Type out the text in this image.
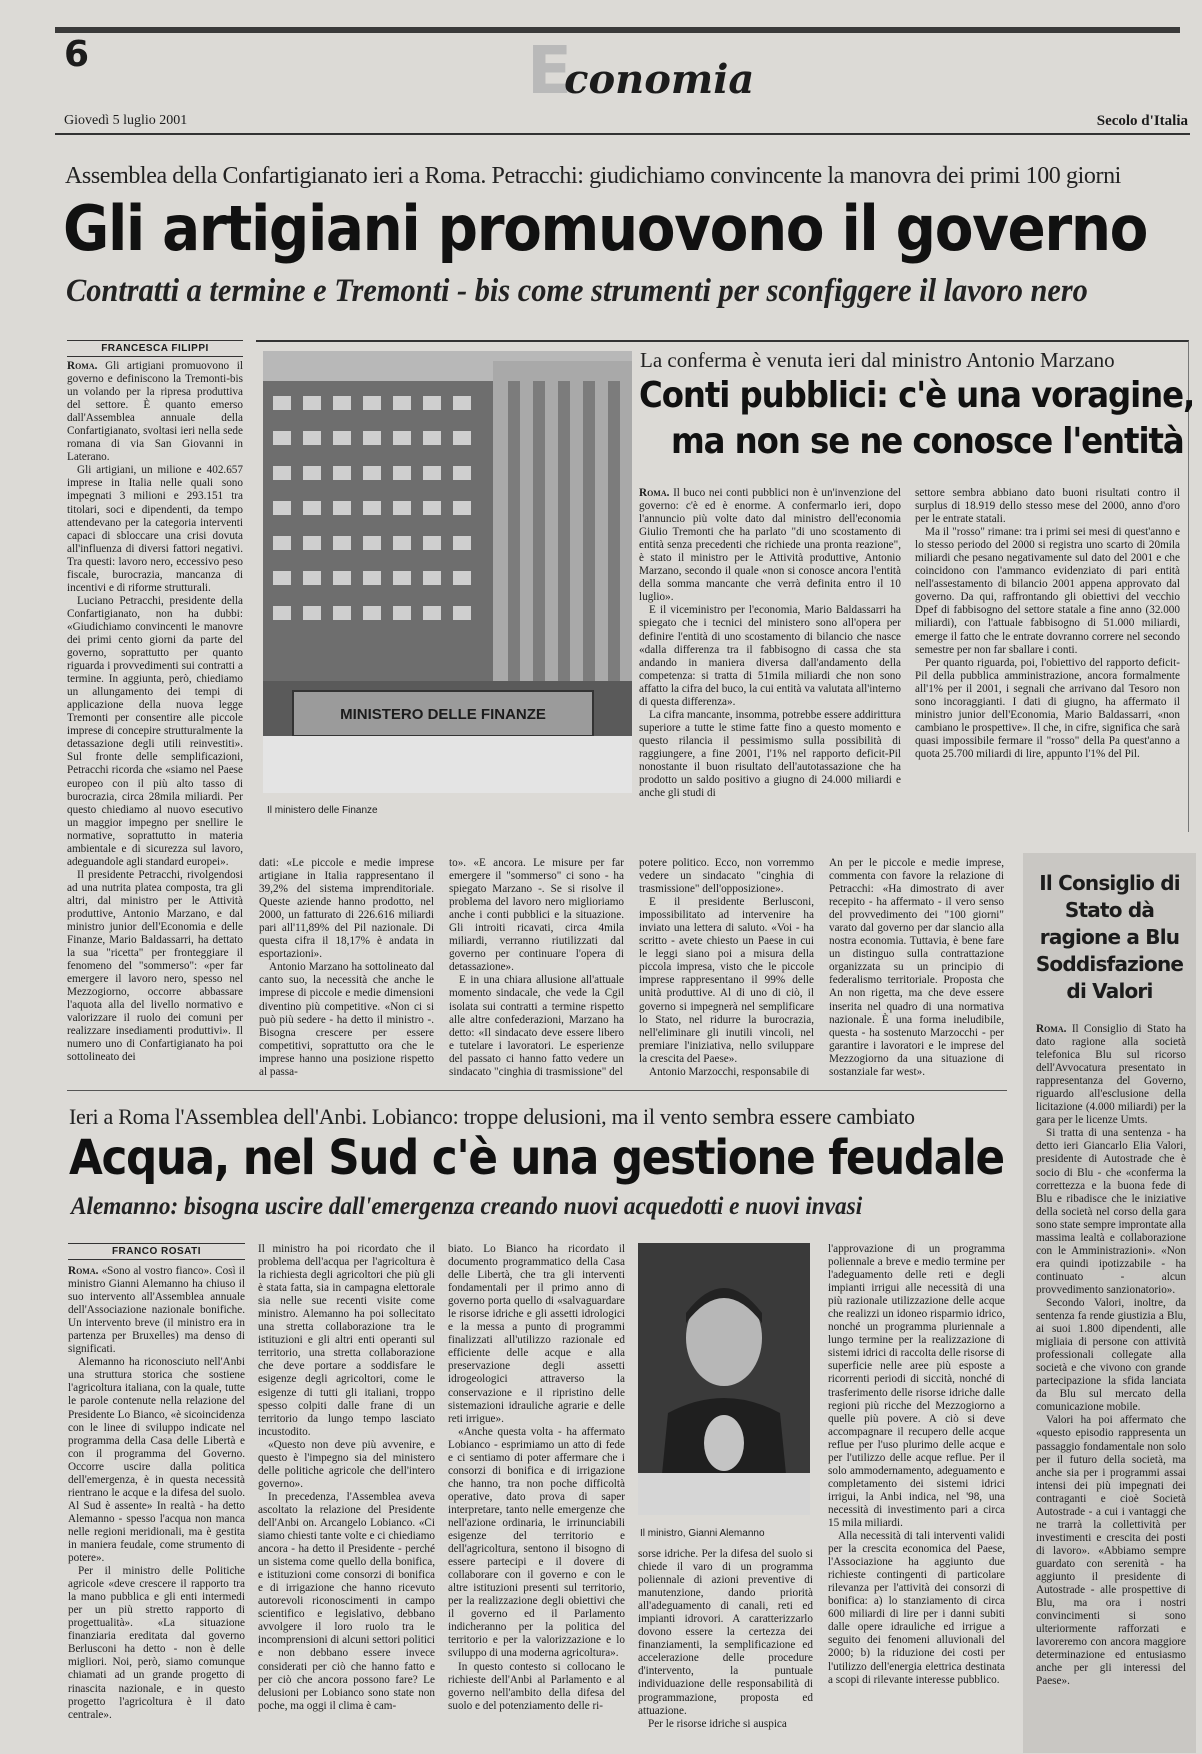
6	Economia
Giovedì 5 luglio 2001	Secolo d'Italia
Assemblea della Confartigianato ieri a Roma. Petracchi: giudichiamo convincente la manovra dei primi 100 giorni
Gli artigiani promuovono il governo
Contratti a termine e Tremonti - bis come strumenti per sconfiggere il lavoro nero
FRANCESCA FILIPPI

Roma. Gli artigiani promuovono il governo e definiscono la Tremonti-bis un volando per la ripresa produttiva del settore. È quanto emerso dall'Assemblea annuale della Confartigianato, svoltasi ieri nella sede romana di via San Giovanni in Laterano.

Gli artigiani, un milione e 402.657 imprese in Italia nelle quali sono impegnati 3 milioni e 293.151 tra titolari, soci e dipendenti, da tempo attendevano per la categoria interventi capaci di sbloccare una crisi dovuta all'influenza di diversi fattori negativi. Tra questi: lavoro nero, eccessivo peso fiscale, burocrazia, mancanza di incentivi e di riforme strutturali.

Luciano Petracchi, presidente della Confartigianato, non ha dubbi: «Giudichiamo convincenti le manovre dei primi cento giorni da parte del governo, soprattutto per quanto riguarda i provvedimenti sui contratti a termine. In aggiunta, però, chiediamo un allungamento dei tempi di applicazione della nuova legge Tremonti per consentire alle piccole imprese di concepire strutturalmente la detassazione degli utili reinvestiti». Sul fronte delle semplificazioni, Petracchi ricorda che «siamo nel Paese europeo con il più alto tasso di burocrazia, circa 28mila miliardi. Per questo chiediamo al nuovo esecutivo un maggior impegno per snellire le normative, soprattutto in materia ambientale e di sicurezza sul lavoro, adeguandole agli standard europei».

Il presidente Petracchi, rivolgendosi ad una nutrita platea composta, tra gli altri, dal ministro per le Attività produttive, Antonio Marzano, e dal ministro junior dell'Economia e delle Finanze, Mario Baldassarri, ha dettato la sua "ricetta" per fronteggiare il fenomeno del "sommerso": «per far emergere il lavoro nero, spesso nel Mezzogiorno, occorre abbassare l'aquota alla del livello normativo e valorizzare il ruolo dei comuni per realizzare insediamenti produttivi». Il numero uno di Confartigianato ha poi sottolineato dei

MINISTERO DELLE FINANZE
Il ministero delle Finanze
La conferma è venuta ieri dal ministro Antonio Marzano
Conti pubblici: c'è una voragine,
ma non se ne conosce l'entità

Roma. Il buco nei conti pubblici non è un'invenzione del governo: c'è ed è enorme. A confermarlo ieri, dopo l'annuncio più volte dato dal ministro dell'economia Giulio Tremonti che ha parlato "di uno scostamento di entità senza precedenti che richiede una pronta reazione", è stato il ministro per le Attività produttive, Antonio Marzano, secondo il quale «non si conosce ancora l'entità della somma mancante che verrà definita entro il 10 luglio».

E il viceministro per l'economia, Mario Baldassarri ha spiegato che i tecnici del ministero sono all'opera per definire l'entità di uno scostamento di bilancio che nasce «dalla differenza tra il fabbisogno di cassa che sta andando in maniera diversa dall'andamento della competenza: si tratta di 51mila miliardi che non sono affatto la cifra del buco, la cui entità va valutata all'interno di questa differenza».

La cifra mancante, insomma, potrebbe essere addirittura superiore a tutte le stime fatte fino a questo momento e questo rilancia il pessimismo sulla possibilità di raggiungere, a fine 2001, l'1% nel rapporto deficit-Pil nonostante il buon risultato dell'autotassazione che ha prodotto un saldo positivo a giugno di 24.000 miliardi e anche gli studi di

settore sembra abbiano dato buoni risultati contro il surplus di 18.919 dello stesso mese del 2000, anno d'oro per le entrate statali.

Ma il "rosso" rimane: tra i primi sei mesi di quest'anno e lo stesso periodo del 2000 si registra uno scarto di 20mila miliardi che pesano negativamente sul dato del 2001 e che coincidono con l'ammanco evidenziato di pari entità nell'assestamento di bilancio 2001 appena approvato dal governo. Da qui, raffrontando gli obiettivi del vecchio Dpef di fabbisogno del settore statale a fine anno (32.000 miliardi), con l'attuale fabbisogno di 51.000 miliardi, emerge il fatto che le entrate dovranno correre nel secondo semestre per non far sballare i conti.

Per quanto riguarda, poi, l'obiettivo del rapporto deficit-Pil della pubblica amministrazione, ancora formalmente all'1% per il 2001, i segnali che arrivano dal Tesoro non sono incoraggianti. I dati di giugno, ha affermato il ministro junior dell'Economia, Mario Baldassarri, «non cambiano le prospettive». Il che, in cifre, significa che sarà quasi impossibile fermare il "rosso" della Pa quest'anno a quota 25.700 miliardi di lire, appunto l'1% del Pil.

dati: «Le piccole e medie imprese artigiane in Italia rappresentano il 39,2% del sistema imprenditoriale. Queste aziende hanno prodotto, nel 2000, un fatturato di 226.616 miliardi pari all'11,89% del Pil nazionale. Di questa cifra il 18,17% è andata in esportazioni».

Antonio Marzano ha sottolineato dal canto suo, la necessità che anche le imprese di piccole e medie dimensioni diventino più competitive. «Non ci si può più sedere - ha detto il ministro -. Bisogna crescere per essere competitivi, soprattutto ora che le imprese hanno una posizione rispetto al passa-

to». «E ancora. Le misure per far emergere il "sommerso" ci sono - ha spiegato Marzano -. Se si risolve il problema del lavoro nero miglioriamo anche i conti pubblici e la situazione. Gli introiti ricavati, circa 4mila miliardi, verranno riutilizzati dal governo per continuare l'opera di detassazione».

E in una chiara allusione all'attuale momento sindacale, che vede la Cgil isolata sui contratti a termine rispetto alle altre confederazioni, Marzano ha detto: «Il sindacato deve essere libero e tutelare i lavoratori. Le esperienze del passato ci hanno fatto vedere un sindacato "cinghia di trasmissione" del

potere politico. Ecco, non vorremmo vedere un sindacato "cinghia di trasmissione" dell'opposizione».

E il presidente Berlusconi, impossibilitato ad intervenire ha inviato una lettera di saluto. «Voi - ha scritto - avete chiesto un Paese in cui le leggi siano poi a misura della piccola impresa, visto che le piccole imprese rappresentano il 99% delle unità produttive. Al di uno di ciò, il governo si impegnerà nel semplificare lo Stato, nel ridurre la burocrazia, nell'eliminare gli inutili vincoli, nel premiare l'iniziativa, nello sviluppare la crescita del Paese».

Antonio Marzocchi, responsabile di

An per le piccole e medie imprese, commenta con favore la relazione di Petracchi: «Ha dimostrato di aver recepito - ha affermato - il vero senso del provvedimento dei "100 giorni" varato dal governo per dar slancio alla nostra economia. Tuttavia, è bene fare un distinguo sulla contrattazione organizzata su un principio di federalismo territoriale. Proposta che An non rigetta, ma che deve essere inserita nel quadro di una normativa nazionale. È una forma ineludibile, questa - ha sostenuto Marzocchi - per garantire i lavoratori e le imprese del Mezzogiorno da una situazione di sostanziale far west».

Il Consiglio di Stato dà ragione a Blu Soddisfazione di Valori

Roma. Il Consiglio di Stato ha dato ragione alla società telefonica Blu sul ricorso dell'Avvocatura presentato in rappresentanza del Governo, riguardo all'esclusione della licitazione (4.000 miliardi) per la gara per le licenze Umts.

Si tratta di una sentenza - ha detto ieri Giancarlo Elia Valori, presidente di Autostrade che è socio di Blu - che «conferma la correttezza e la buona fede di Blu e ribadisce che le iniziative della società nel corso della gara sono state sempre improntate alla massima lealtà e collaborazione con le Amministrazioni». «Non era quindi ipotizzabile - ha continuato - alcun provvedimento sanzionatorio».

Secondo Valori, inoltre, da sentenza fa rende giustizia a Blu, ai suoi 1.800 dipendenti, alle migliaia di persone con attività professionali collegate alla società e che vivono con grande partecipazione la sfida lanciata da Blu sul mercato della comunicazione mobile.

Valori ha poi affermato che «questo episodio rappresenta un passaggio fondamentale non solo per il futuro della società, ma anche sia per i programmi assai intensi dei più impegnati dei contraganti e cioè Società Autostrade - a cui i vantaggi che ne trarrà la collettività per investimenti e crescita dei posti di lavoro». «Abbiamo sempre guardato con serenità - ha aggiunto il presidente di Autostrade - alle prospettive di Blu, ma ora i nostri convincimenti si sono ulteriormente rafforzati e lavoreremo con ancora maggiore determinazione ed entusiasmo anche per gli interessi del Paese».

Ieri a Roma l'Assemblea dell'Anbi. Lobianco: troppe delusioni, ma il vento sembra essere cambiato
Acqua, nel Sud c'è una gestione feudale
Alemanno: bisogna uscire dall'emergenza creando nuovi acquedotti e nuovi invasi
FRANCO ROSATI

Roma. «Sono al vostro fianco». Così il ministro Gianni Alemanno ha chiuso il suo intervento all'Assemblea annuale dell'Associazione nazionale bonifiche. Un intervento breve (il ministro era in partenza per Bruxelles) ma denso di significati.

Alemanno ha riconosciuto nell'Anbi una struttura storica che sostiene l'agricoltura italiana, con la quale, tutte le parole contenute nella relazione del Presidente Lo Bianco, «è sicoincidenza con le linee di sviluppo indicate nel programma della Casa delle Libertà e con il programma del Governo. Occorre uscire dalla politica dell'emergenza, è in questa necessità rientrano le acque e la difesa del suolo. Al Sud è assente» In realtà - ha detto Alemanno - spesso l'acqua non manca nelle regioni meridionali, ma è gestita in maniera feudale, come strumento di potere».

Per il ministro delle Politiche agricole «deve crescere il rapporto tra la mano pubblica e gli enti intermedi per un più stretto rapporto di progettualità». «La situazione finanziaria ereditata dal governo Berlusconi ha detto - non è delle migliori. Noi, però, siamo comunque chiamati ad un grande progetto di rinascita nazionale, e in questo progetto l'agricoltura è il dato centrale».

Il ministro ha poi ricordato che il problema dell'acqua per l'agricoltura è la richiesta degli agricoltori che più gli è stata fatta, sia in campagna elettorale sia nelle sue recenti visite come ministro. Alemanno ha poi sollecitato una stretta collaborazione tra le istituzioni e gli altri enti operanti sul territorio, una stretta collaborazione che deve portare a soddisfare le esigenze degli agricoltori, come le esigenze di tutti gli italiani, troppo spesso colpiti dalle frane di un territorio da lungo tempo lasciato incustodito.

«Questo non deve più avvenire, e questo è l'impegno sia del ministero delle politiche agricole che dell'intero governo».

In precedenza, l'Assemblea aveva ascoltato la relazione del Presidente dell'Anbi on. Arcangelo Lobianco. «Ci siamo chiesti tante volte e ci chiediamo ancora - ha detto il Presidente - perché un sistema come quello della bonifica, e istituzioni come consorzi di bonifica e di irrigazione che hanno ricevuto autorevoli riconoscimenti in campo scientifico e legislativo, debbano avvolgere il loro ruolo tra le incomprensioni di alcuni settori politici e non debbano essere invece considerati per ciò che hanno fatto e per ciò che ancora possono fare? Le delusioni per Lobianco sono state non poche, ma oggi il clima è cam-

biato. Lo Bianco ha ricordato il documento programmatico della Casa delle Libertà, che tra gli interventi fondamentali per il primo anno di governo porta quello di «salvaguardare le risorse idriche e gli assetti idrologici e la messa a punto di programmi finalizzati all'utilizzo razionale ed efficiente delle acque e alla preservazione degli assetti idrogeologici attraverso la conservazione e il ripristino delle sistemazioni idrauliche agrarie e delle reti irrigue».

«Anche questa volta - ha affermato Lobianco - esprimiamo un atto di fede e ci sentiamo di poter affermare che i consorzi di bonifica e di irrigazione che hanno, tra non poche difficoltà operative, dato prova di saper interpretare, tanto nelle emergenze che nell'azione ordinaria, le irrinunciabili esigenze del territorio e dell'agricoltura, sentono il bisogno di essere partecipi e il dovere di collaborare con il governo e con le altre istituzioni presenti sul territorio, per la realizzazione degli obiettivi che il governo ed il Parlamento indicheranno per la politica del territorio e per la valorizzazione e lo sviluppo di una moderna agricoltura».

In questo contesto si collocano le richieste dell'Anbi al Parlamento e al governo nell'ambito della difesa del suolo e del potenziamento delle ri-

Il ministro, Gianni Alemanno

sorse idriche. Per la difesa del suolo si chiede il varo di un programma poliennale di azioni preventive di manutenzione, dando priorità all'adeguamento di canali, reti ed impianti idrovori. A caratterizzarlo dovono essere la certezza dei finanziamenti, la semplificazione ed accelerazione delle procedure d'intervento, la puntuale individuazione delle responsabilità di programmazione, proposta ed attuazione.

Per le risorse idriche si auspica

l'approvazione di un programma poliennale a breve e medio termine per l'adeguamento delle reti e degli impianti irrigui alle necessità di una più razionale utilizzazione delle acque che realizzi un idoneo risparmio idrico, nonché un programma pluriennale a lungo termine per la realizzazione di sistemi idrici di raccolta delle risorse di superficie nelle aree più esposte a ricorrenti periodi di siccità, nonché di trasferimento delle risorse idriche dalle regioni più ricche del Mezzogiorno a quelle più povere. A ciò si deve accompagnare il recupero delle acque reflue per l'uso plurimo delle acque e per l'utilizzo delle acque reflue. Per il solo ammodernamento, adeguamento e completamento dei sistemi idrici irrigui, la Anbi indica, nel '98, una necessità di investimento pari a circa 15 mila miliardi.

Alla necessità di tali interventi validi per la crescita economica del Paese, l'Associazione ha aggiunto due richieste contingenti di particolare rilevanza per l'attività dei consorzi di bonifica: a) lo stanziamento di circa 600 miliardi di lire per i danni subiti dalle opere idrauliche ed irrigue a seguito dei fenomeni alluvionali del 2000; b) la riduzione dei costi per l'utilizzo dell'energia elettrica destinata a scopi di rilevante interesse pubblico.
